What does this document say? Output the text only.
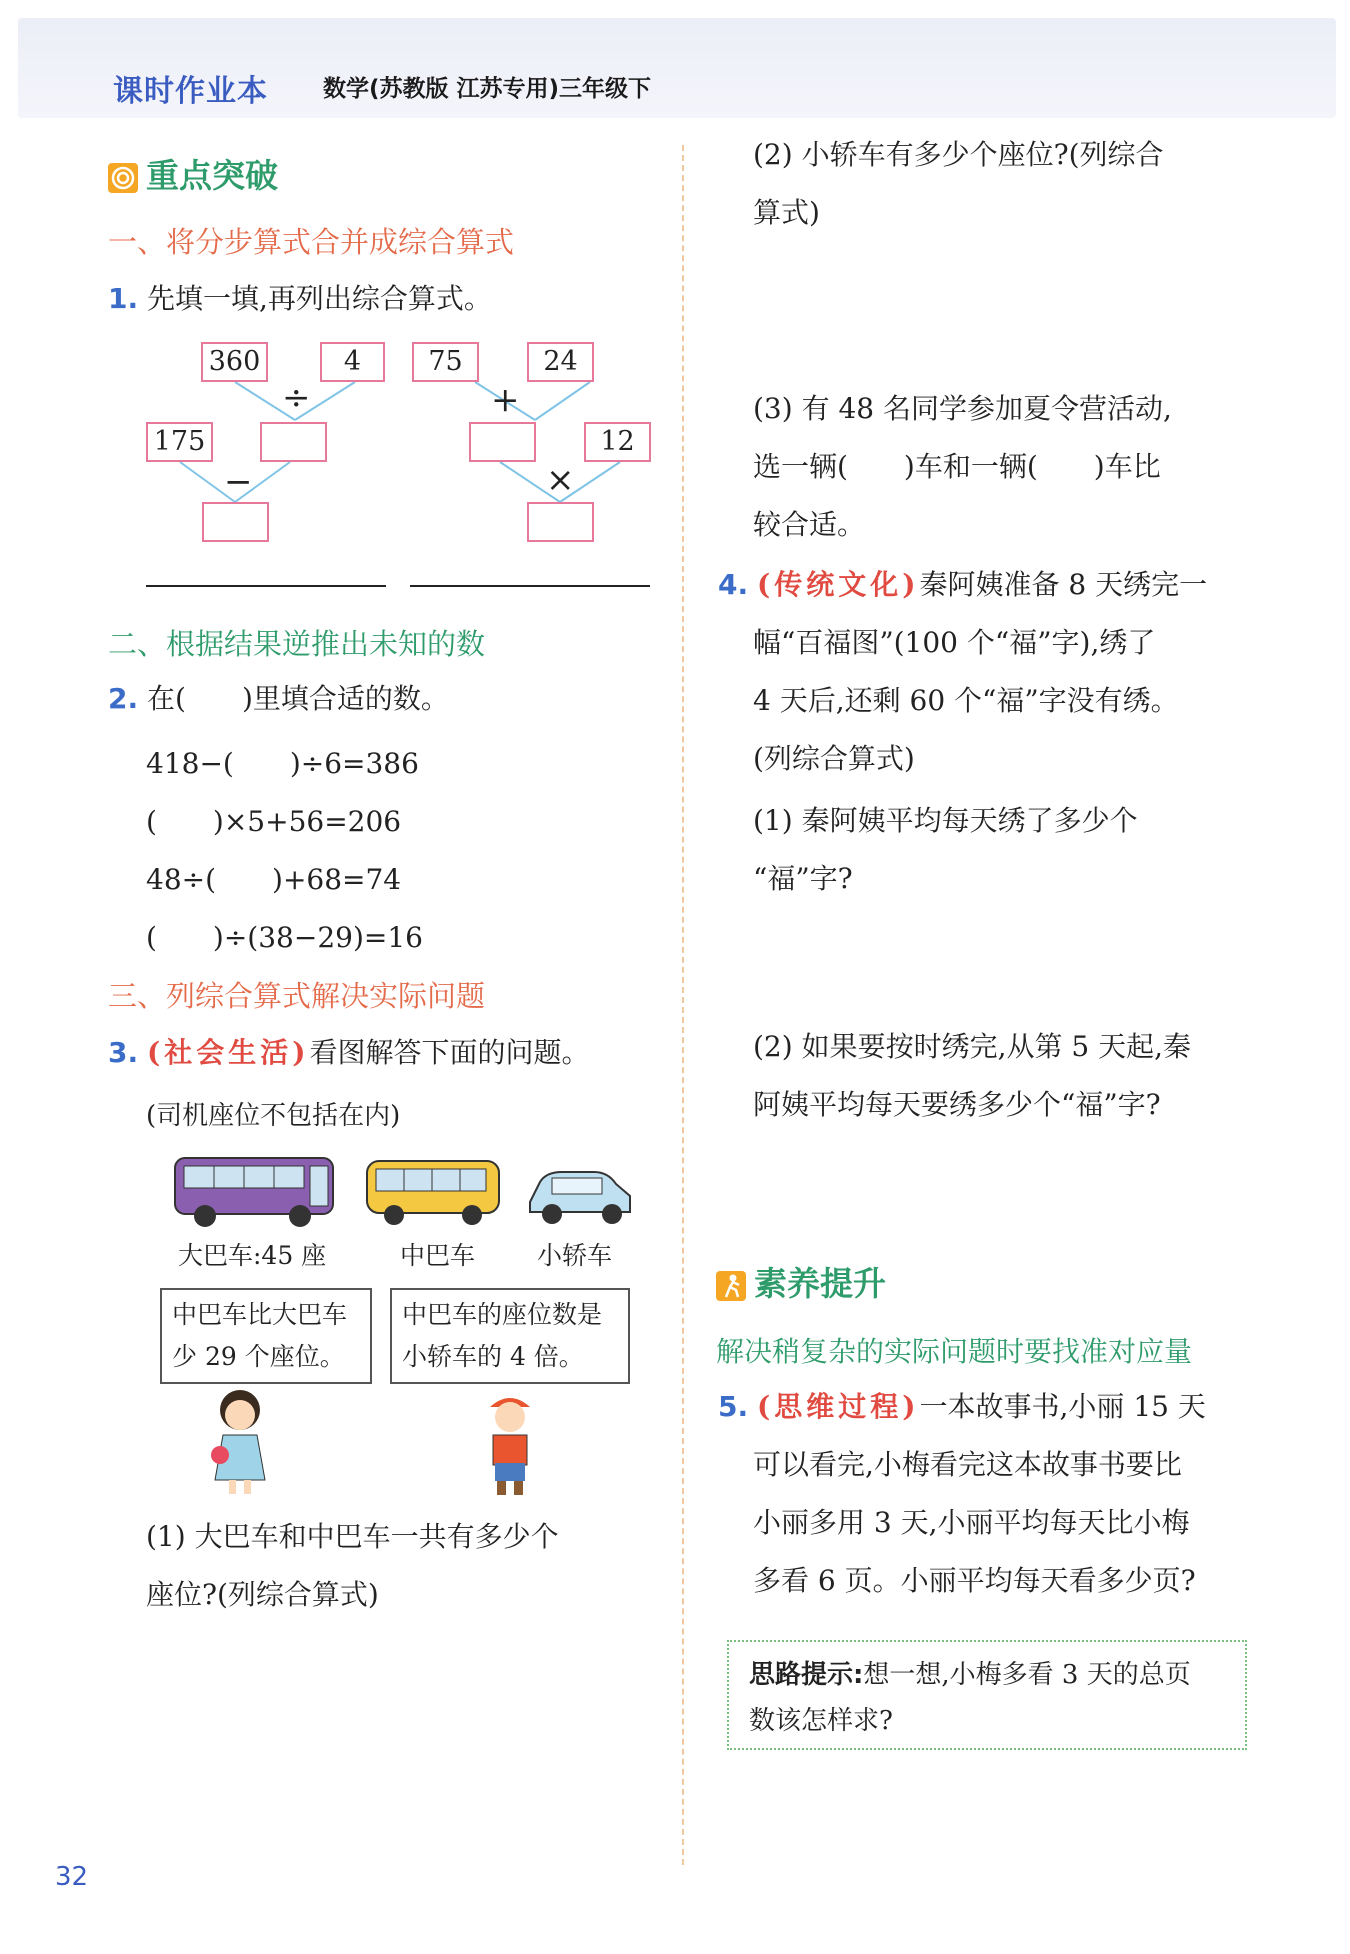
课时作业本 数学(苏教版 江苏专用)三年级下
重点突破
一、将分步算式合并成综合算式
1. 先填一填,再列出综合算式。
360	4
÷
175
−
75	24
+
12
×
二、根据结果逆推出未知的数
2. 在(　　)里填合适的数。
418−(　　)÷6=386
(　　)×5+56=206
48÷(　　)+68=74
(　　)÷(38−29)=16
三、列综合算式解决实际问题
3. (社会生活)看图解答下面的问题。
(司机座位不包括在内)
大巴车:45 座	中巴车 小轿车
中巴车比大巴车
少 29 个座位。
中巴车的座位数是
小轿车的 4 倍。
(1) 大巴车和中巴车一共有多少个
座位?(列综合算式)
32
(2) 小轿车有多少个座位?(列综合
算式)
(3) 有 48 名同学参加夏令营活动,
选一辆(　　)车和一辆(　　)车比
较合适。
4. (传统文化)秦阿姨准备 8 天绣完一
幅“百福图”(100 个“福”字),绣了
4 天后,还剩 60 个“福”字没有绣。
(列综合算式)
(1) 秦阿姨平均每天绣了多少个
“福”字?
(2) 如果要按时绣完,从第 5 天起,秦
阿姨平均每天要绣多少个“福”字?
素养提升
解决稍复杂的实际问题时要找准对应量
5. (思维过程)一本故事书,小丽 15 天
可以看完,小梅看完这本故事书要比
小丽多用 3 天,小丽平均每天比小梅
多看 6 页。小丽平均每天看多少页?
思路提示:想一想,小梅多看 3 天的总页
数该怎样求?
